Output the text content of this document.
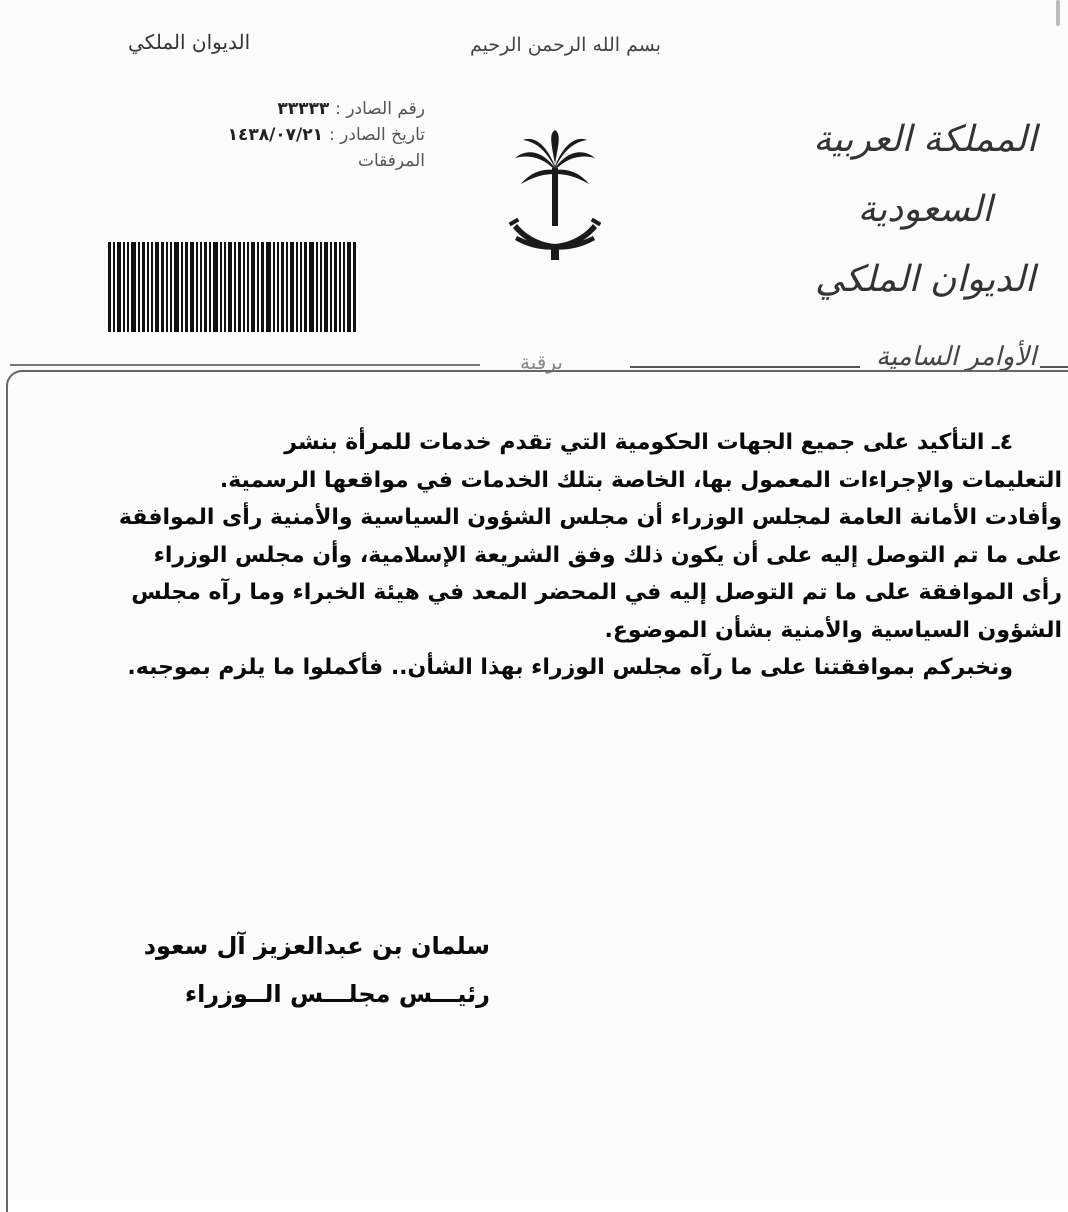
بسم الله الرحمن الرحيم
الديوان الملكي
رقم الصادر :
٣٣٣٣٣
تاريخ الصادر :
١٤٣٨/٠٧/٢١
المرفقات
المملكة العربية السعودية
الديوان الملكي
الأوامر السامية
برقية
٤ـ التأكيد على جميع الجهات الحكومية التي تقدم خدمات للمرأة بنشر
التعليمات والإجراءات المعمول بها، الخاصة بتلك الخدمات في مواقعها الرسمية.
وأفادت الأمانة العامة لمجلس الوزراء أن مجلس الشؤون السياسية والأمنية رأى الموافقة
على ما تم التوصل إليه على أن يكون ذلك وفق الشريعة الإسلامية، وأن مجلس الوزراء
رأى الموافقة على ما تم التوصل إليه في المحضر المعد في هيئة الخبراء وما رآه مجلس
الشؤون السياسية والأمنية بشأن الموضوع.
ونخبركم بموافقتنا على ما رآه مجلس الوزراء بهذا الشأن.. فأكملوا ما يلزم بموجبه.
سلمان بن عبدالعزيز آل سعود
رئيـــس مجلـــس الــوزراء
